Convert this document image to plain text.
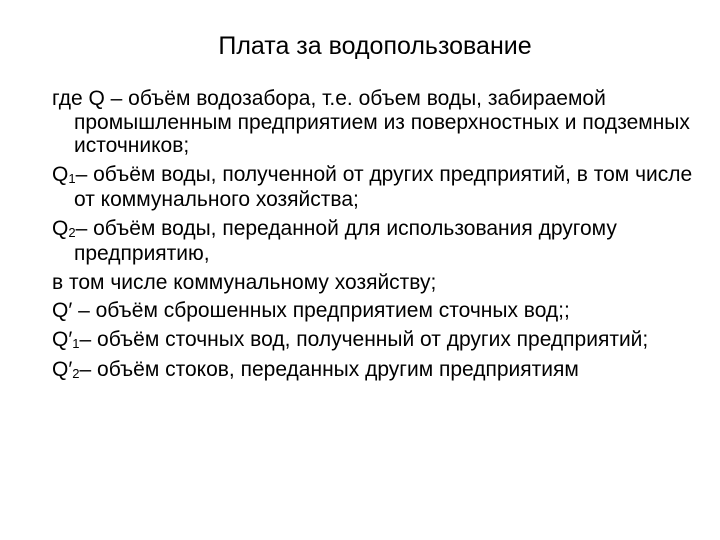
Плата за водопользование

где Q – объём водозабора, т.е. объем воды, забираемой промышленным предприятием из поверхностных и подземных источников;

Q1– объём воды, полученной от других предприятий, в том числе от коммунального хозяйства;

Q2– объём воды, переданной для использования другому предприятию,

в том числе коммунальному хозяйству;

Q′ – объём сброшенных предприятием сточных вод;;

Q′1– объём сточных вод, полученный от других предприятий;

Q′2– объём стоков, переданных другим предприятиям
